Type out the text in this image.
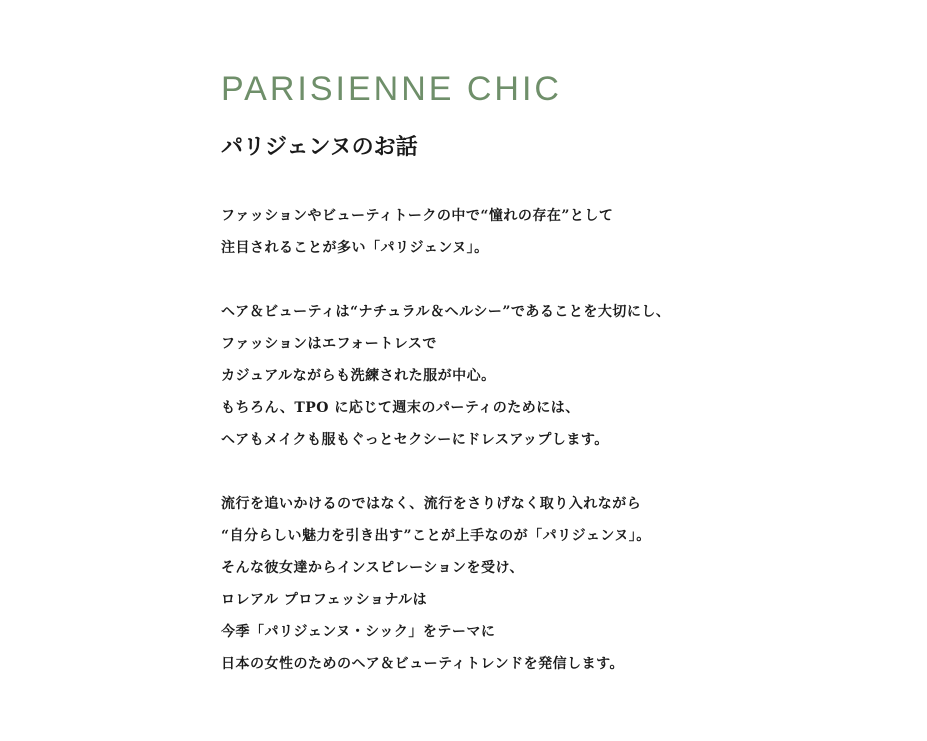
PARISIENNE CHIC
パリジェンヌのお話
ファッションやビューティトークの中で“憧れの存在”として
注目されることが多い「パリジェンヌ」。
ヘア＆ビューティは“ナチュラル＆ヘルシー”であることを大切にし、
ファッションはエフォートレスで
カジュアルながらも洗練された服が中心。
もちろん、TPO に応じて週末のパーティのためには、
ヘアもメイクも服もぐっとセクシーにドレスアップします。
流行を追いかけるのではなく、流行をさりげなく取り入れながら
“自分らしい魅力を引き出す”ことが上手なのが「パリジェンヌ」。
そんな彼女達からインスピレーションを受け、
ロレアル プロフェッショナルは
今季「パリジェンヌ・シック」をテーマに
日本の女性のためのヘア＆ビューティトレンドを発信します。
